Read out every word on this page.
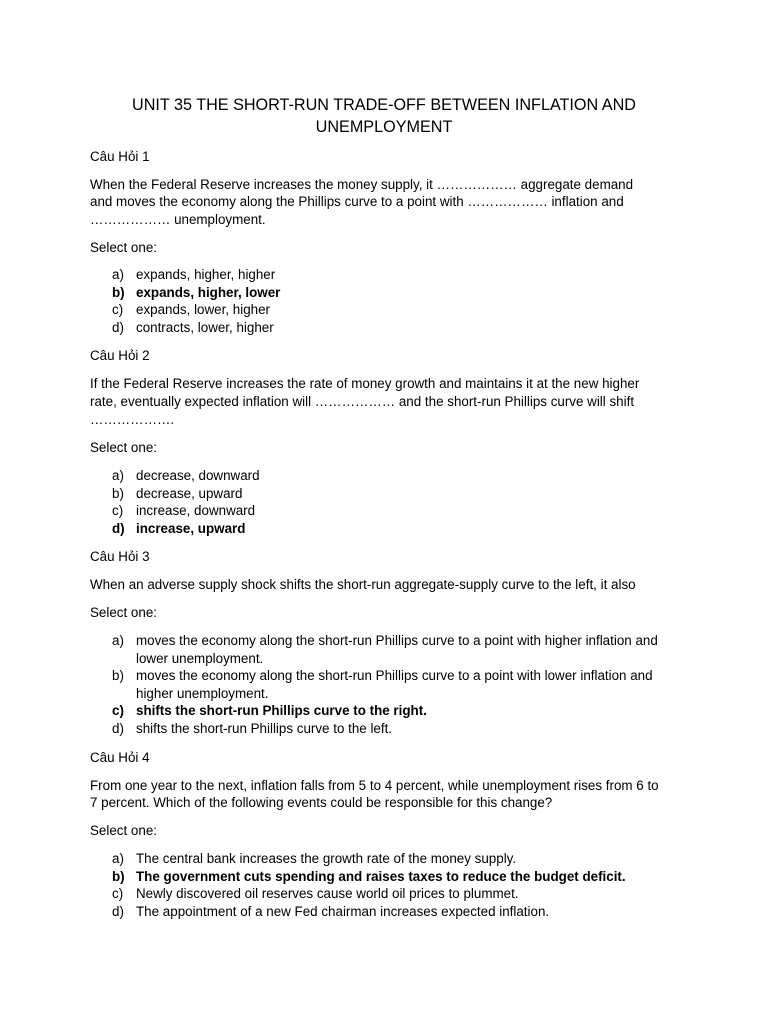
UNIT 35 THE SHORT-RUN TRADE-OFF BETWEEN INFLATION AND UNEMPLOYMENT
Câu Hỏi 1
When the Federal Reserve increases the money supply, it ……………… aggregate demand
and moves the economy along the Phillips curve to a point with ……………… inflation and
……………… unemployment.
Select one:
a) expands, higher, higher
b) expands, higher, lower
c) expands, lower, higher
d) contracts, lower, higher
Câu Hỏi 2
If the Federal Reserve increases the rate of money growth and maintains it at the new higher
rate, eventually expected inflation will ……………… and the short-run Phillips curve will shift
……………….
Select one:
a) decrease, downward
b) decrease, upward
c) increase, downward
d) increase, upward
Câu Hỏi 3
When an adverse supply shock shifts the short-run aggregate-supply curve to the left, it also
Select one:
a) moves the economy along the short-run Phillips curve to a point with higher inflation and
lower unemployment.
b) moves the economy along the short-run Phillips curve to a point with lower inflation and
higher unemployment.
c) shifts the short-run Phillips curve to the right.
d) shifts the short-run Phillips curve to the left.
Câu Hỏi 4
From one year to the next, inflation falls from 5 to 4 percent, while unemployment rises from 6 to
7 percent. Which of the following events could be responsible for this change?
Select one:
a) The central bank increases the growth rate of the money supply.
b) The government cuts spending and raises taxes to reduce the budget deficit.
c) Newly discovered oil reserves cause world oil prices to plummet.
d) The appointment of a new Fed chairman increases expected inflation.
